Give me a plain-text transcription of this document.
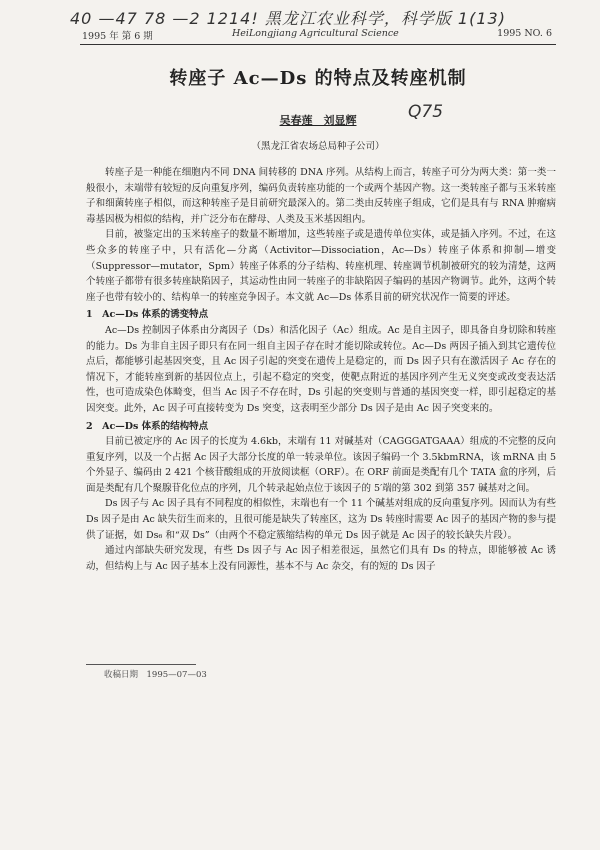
40 —47 78 —2 1214! 黑龙江农业科学，科学版 1(13)
1995 年 第 6 期	HeiLongjiang Agricultural Science	1995 NO. 6
转座子 Ac—Ds 的特点及转座机制
吴春莲　刘显辉	Q75
（黑龙江省农场总局种子公司）

转座子是一种能在细胞内不同 DNA 间转移的 DNA 序列。从结构上而言，转座子可分为两大类：第一类一般很小，末端带有较短的反向重复序列，编码负责转座功能的一个或两个基因产物。这一类转座子都与玉米转座子和细菌转座子相似，而这种转座子是目前研究最深入的。第二类由反转座子组成，它们是具有与 RNA 肿瘤病毒基因极为相似的结构，并广泛分布在酵母、人类及玉米基因组内。

目前，被鉴定出的玉米转座子的数量不断增加，这些转座子或是遗传单位实体，或是插入序列。不过，在这些众多的转座子中，只有活化—分离（Activitor—Dissociation，Ac—Ds）转座子体系和抑制—增变（Suppressor—mutator，Spm）转座子体系的分子结构、转座机理、转座调节机制被研究的较为清楚，这两个转座子都带有很多转座缺陷因子，其运动性由同一转座子的非缺陷因子编码的基因产物调节。此外，这两个转座子也带有较小的、结构单一的转座竞争因子。本文就 Ac—Ds 体系目前的研究状况作一简要的评述。

1　Ac—Ds 体系的诱变特点

Ac—Ds 控制因子体系由分离因子（Ds）和活化因子（Ac）组成。Ac 是自主因子，即具备自身切除和转座的能力。Ds 为非自主因子即只有在同一组自主因子存在时才能切除或转位。Ac—Ds 两因子插入到其它遗传位点后，都能够引起基因突变，且 Ac 因子引起的突变在遗传上是稳定的，而 Ds 因子只有在激活因子 Ac 存在的情况下，才能转座到新的基因位点上，引起不稳定的突变，使靶点附近的基因序列产生无义突变或改变表达活性，也可造成染色体畸变，但当 Ac 因子不存在时，Ds 引起的突变则与普通的基因突变一样，即引起稳定的基因突变。此外，Ac 因子可直接转变为 Ds 突变，这表明至少部分 Ds 因子是由 Ac 因子突变来的。

2　Ac—Ds 体系的结构特点

目前已被定序的 Ac 因子的长度为 4.6kb，末端有 11 对碱基对（CAGGGATGAAA）组成的不完整的反向重复序列，以及一个占据 Ac 因子大部分长度的单一转录单位。该因子编码一个 3.5kbmRNA，该 mRNA 由 5 个外显子、编码由 2 421 个核苷酸组成的开放阅读框（ORF）。在 ORF 前面是类配有几个 TATA 盒的序列，后面是类配有几个聚腺苷化位点的序列，几个转录起始点位于该因子的 5′端的第 302 到第 357 碱基对之间。

Ds 因子与 Ac 因子具有不同程度的相似性，末端也有一个 11 个碱基对组成的反向重复序列。因而认为有些 Ds 因子是由 Ac 缺失衍生而来的，且很可能是缺失了转座区，这为 Ds 转座时需要 Ac 因子的基因产物的参与提供了证据，如 Ds₆ 和“双 Ds”（由两个不稳定簇缩结构的单元 Ds 因子就是 Ac 因子的较长缺失片段）。

通过内部缺失研究发现，有些 Ds 因子与 Ac 因子相差很远，虽然它们具有 Ds 的特点，即能够被 Ac 诱动，但结构上与 Ac 因子基本上没有同源性，基本不与 Ac 杂交，有的短的 Ds 因子

收稿日期　1995—07—03
